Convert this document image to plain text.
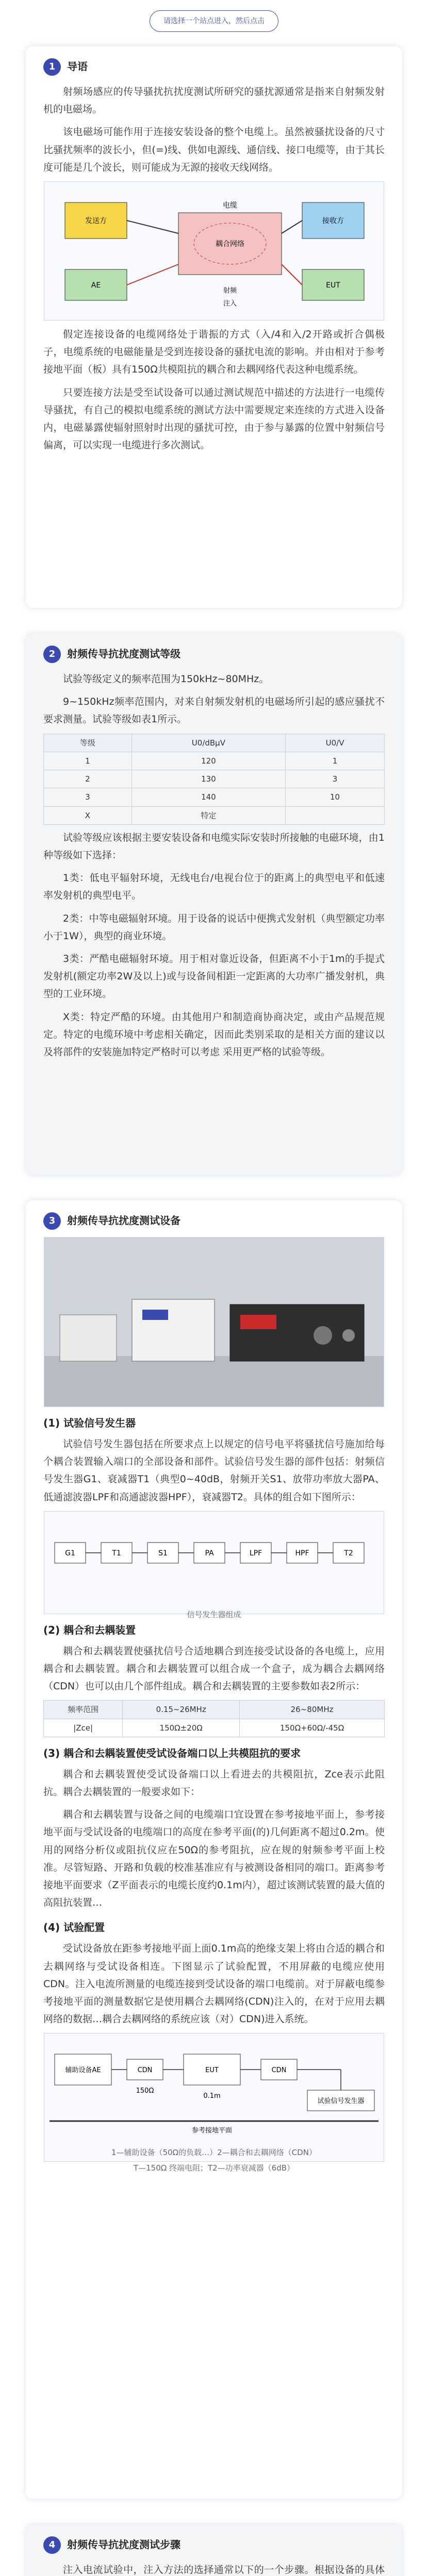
请选择一个站点进入，然后点击
1	导语
射频场感应的传导骚扰抗扰度测试所研究的骚扰源通常是指来自射频发射机的电磁场。
该电磁场可能作用于连接安装设备的整个电缆上。虽然被骚扰设备的尺寸比骚扰频率的波长小，但(=)线、供如电源线、通信线、接口电缆等，由于其长度可能是几个波长，则可能成为无源的接收天线网络。
发送方	接收方
电缆
AE	EUT
耦合网络
射频
注入
假定连接设备的电缆网络处于谐振的方式（入/4和入/2开路或折合偶极子，电缆系统的电磁能量是受到连接设备的骚扰电流的影响。并由相对于参考接地平面（板）具有150Ω共模阻抗的耦合和去耦网络代表这种电缆系统。
只要连接方法是受至试设备可以通过测试规范中描述的方法进行一电缆传导骚扰，有自己的模拟电缆系统的测试方法中需要规定来连续的方式进入设备内，电磁暴露使辐射照射时出现的骚扰可控，由于参与暴露的位置中射频信号偏离，可以实现一电缆进行多次测试。
2	射频传导抗扰度测试等级
试验等级定义的频率范围为150kHz~80MHz。
9~150kHz频率范围内，对来自射频发射机的电磁场所引起的感应骚扰不要求测量。试验等级如表1所示。
等级	U0/dBμV	U0/V
1	120	1
2	130	3
3	140	10
X	特定	
试验等级应该根据主要安装设备和电缆实际安装时所接触的电磁环境，由1种等级如下选择：
1类：低电平辐射环境，无线电台/电视台位于的距离上的典型电平和低速率发射机的典型电平。
2类：中等电磁辐射环境。用于设备的说话中便携式发射机（典型额定功率小于1W），典型的商业环境。
3类：严酷电磁辐射环境。用于相对靠近设备，但距离不小于1m的手提式发射机(额定功率2W及以上)或与设备间相距一定距离的大功率广播发射机，典型的工业环境。
X类：特定严酷的环境。由其他用户和制造商协商决定，或由产品规范规定。特定的电缆环境中考虑相关确定，因而此类别采取的是相关方面的建议以及将部件的安装施加特定严格时可以考虑 采用更严格的试验等级。
3	射频传导抗扰度测试设备
(1) 试验信号发生器
试验信号发生器包括在所要求点上以规定的信号电平将骚扰信号施加给每个耦合装置输入端口的全部设备和部件。试验信号发生器的部件包括：射频信号发生器G1、衰减器T1（典型0~40dB，射频开关S1、放带功率放大器PA、低通滤波器LPF和高通滤波器HPF），衰减器T2。具体的组合如下图所示：
G1	T1	S1	PA	LPF	HPF	T2
信号发生器组成
(2) 耦合和去耦装置
耦合和去耦装置使骚扰信号合适地耦合到连接受试设备的各电缆上，应用耦合和去耦装置。耦合和去耦装置可以组合成一个盒子，成为耦合去耦网络（CDN）也可以由几个部件组成。耦合和去耦装置的主要参数如表2所示：
频率范围	0.15~26MHz	26~80MHz
|Zce|	150Ω±20Ω	150Ω+60Ω/-45Ω
(3) 耦合和去耦装置使受试设备端口以上共模阻抗的要求
耦合和去耦装置使受试设备端口以上看进去的共模阻抗，Zce表示此阻抗。耦合去耦装置的一般要求如下：
耦合和去耦装置与设备之间的电缆端口宜设置在参考接地平面上，参考接地平面与受试设备的电缆端口的高度在参考平面(的)几何距离不超过0.2m。使用的网络分析仪或阻抗仪应在50Ω的参考阻抗，应在规的射频参考平面上校准。尽管短路、开路和负载的校准基准应有与被测设备相同的端口。距离参考接地平面要求（Z平面表示的电缆长度约0.1m内），超过该测试装置的最大值的高阻抗装置…
(4) 试验配置
受试设备放在距参考接地平面上面0.1m高的绝缘支架上将由合适的耦合和去耦网络与受试设备相连。下图显示了试验配置，不用屏蔽的电缆应使用CDN。注入电流所测量的电缆连接到受试设备的端口电缆前。对于屏蔽电缆参考接地平面的测量数据它是使用耦合去耦网络(CDN)注入的，在对于应用去耦网络的数据…耦合去耦网络的系统应该（对）CDN)进入系统。
辅助设备AE	EUT
CDN	CDN
试验信号发生器
150Ω
0.1m
参考接地平面
1—辅助设备（50Ω的负载…）2—耦合和去耦网络（CDN）
T—150Ω 终端电阻；T2—功率衰减器（6dB）
4	射频传导抗扰度测试步骤
注入电流试验中，注入方法的选择通常以下的一个步骤。根据设备的具体
